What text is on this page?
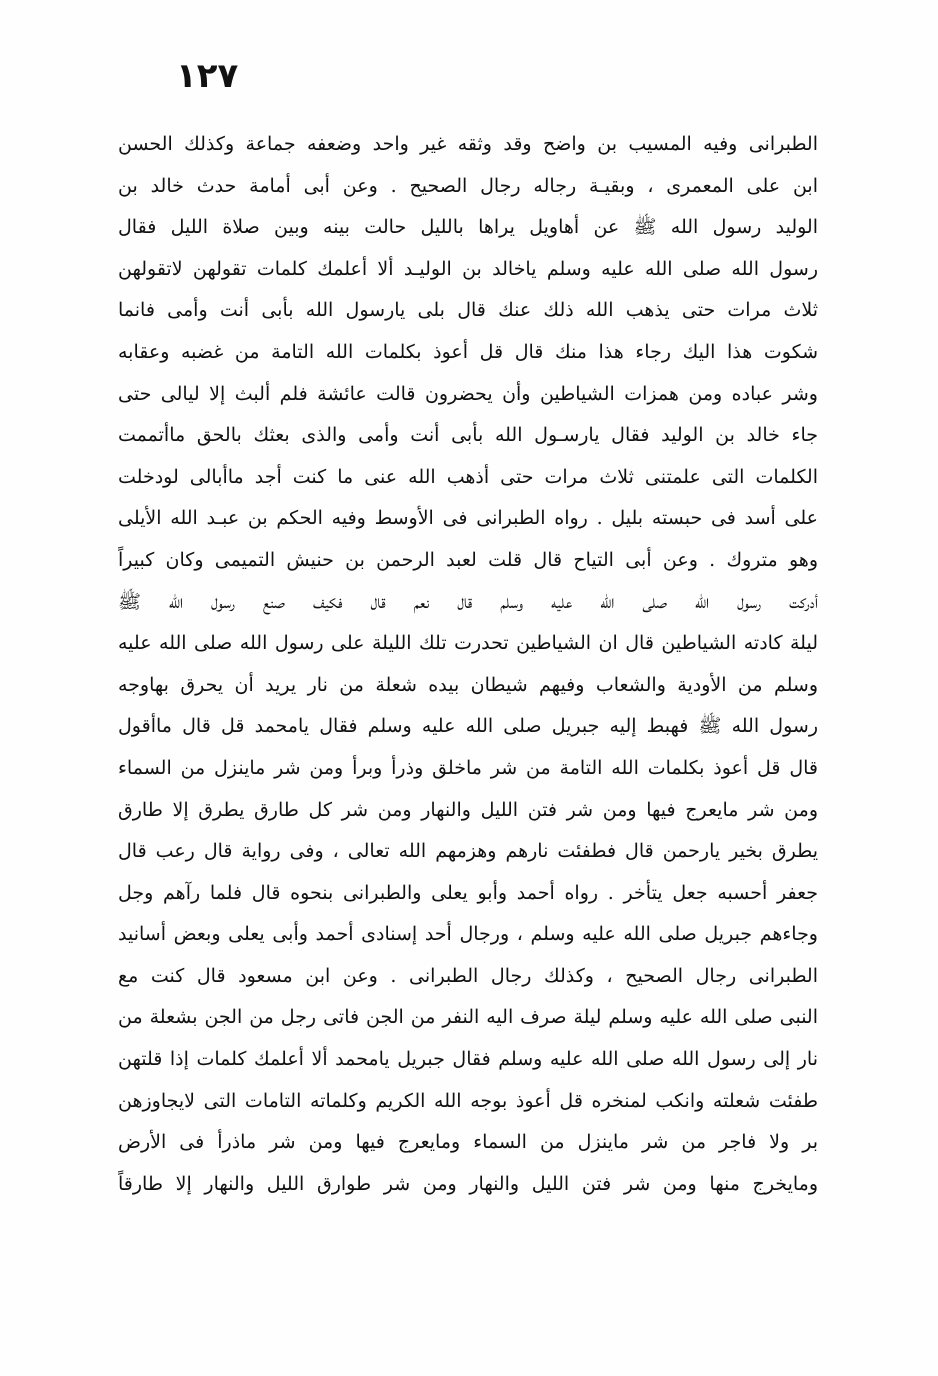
١٢٧
الطبرانى وفيه المسيب بن واضح وقد وثقه غير واحد وضعفه جماعة وكذلك الحسن
ابن على المعمرى ، وبقيـة رجاله رجال الصحيح . وعن أبى أمامة حدث خالد بن
الوليد رسول الله ﷺ عن أهاويل يراها بالليل حالت بينه وبين صلاة الليل فقال
رسول الله صلى الله عليه وسلم ياخالد بن الوليـد ألا أعلمك كلمات تقولهن لاتقولهن
ثلاث مرات حتى يذهب الله ذلك عنك قال بلى يارسول الله بأبى أنت وأمى فانما
شكوت هذا اليك رجاء هذا منك قال قل أعوذ بكلمات الله التامة من غضبه وعقابه
وشر عباده ومن همزات الشياطين وأن يحضرون قالت عائشة فلم ألبث إلا ليالى حتى
جاء خالد بن الوليد فقال يارسـول الله بأبى أنت وأمى والذى بعثك بالحق ماأتممت
الكلمات التى علمتنى ثلاث مرات حتى أذهب الله عنى ما كنت أجد ماأبالى لودخلت
على أسد فى حبسته بليل . رواه الطبرانى فى الأوسط وفيه الحكم بن عبـد الله الأيلى
وهو متروك . وعن أبى التياح قال قلت لعبد الرحمن بن حنيش التميمى وكان كبيراً
أدركت رسول الله صلى الله عليه وسلم قال نعم قال فكيف صنع رسول الله ﷺ
ليلة كادته الشياطين قال ان الشياطين تحدرت تلك الليلة على رسول الله صلى الله عليه
وسلم من الأودية والشعاب وفيهم شيطان بيده شعلة من نار يريد أن يحرق بهاوجه
رسول الله ﷺ فهبط إليه جبريل صلى الله عليه وسلم فقال يامحمد قل قال ماأقول
قال قل أعوذ بكلمات الله التامة من شر ماخلق وذرأ وبرأ ومن شر ماينزل من السماء
ومن شر مايعرج فيها ومن شر فتن الليل والنهار ومن شر كل طارق يطرق إلا طارق
يطرق بخير يارحمن قال فطفئت نارهم وهزمهم الله تعالى ، وفى رواية قال رعب قال
جعفر أحسبه جعل يتأخر . رواه أحمد وأبو يعلى والطبرانى بنحوه قال فلما رآهم وجل
وجاءهم جبريل صلى الله عليه وسلم ، ورجال أحد إسنادى أحمد وأبى يعلى وبعض أسانيد
الطبرانى رجال الصحيح ، وكذلك رجال الطبرانى . وعن ابن مسعود قال كنت مع
النبى صلى الله عليه وسلم ليلة صرف اليه النفر من الجن فاتى رجل من الجن بشعلة من
نار إلى رسول الله صلى الله عليه وسلم فقال جبريل يامحمد ألا أعلمك كلمات إذا قلتهن
طفئت شعلته وانكب لمنخره قل أعوذ بوجه الله الكريم وكلماته التامات التى لايجاوزهن
بر ولا فاجر من شر ماينزل من السماء ومايعرج فيها ومن شر ماذرأ فى الأرض
ومايخرج منها ومن شر فتن الليل والنهار ومن شر طوارق الليل والنهار إلا طارقاً
